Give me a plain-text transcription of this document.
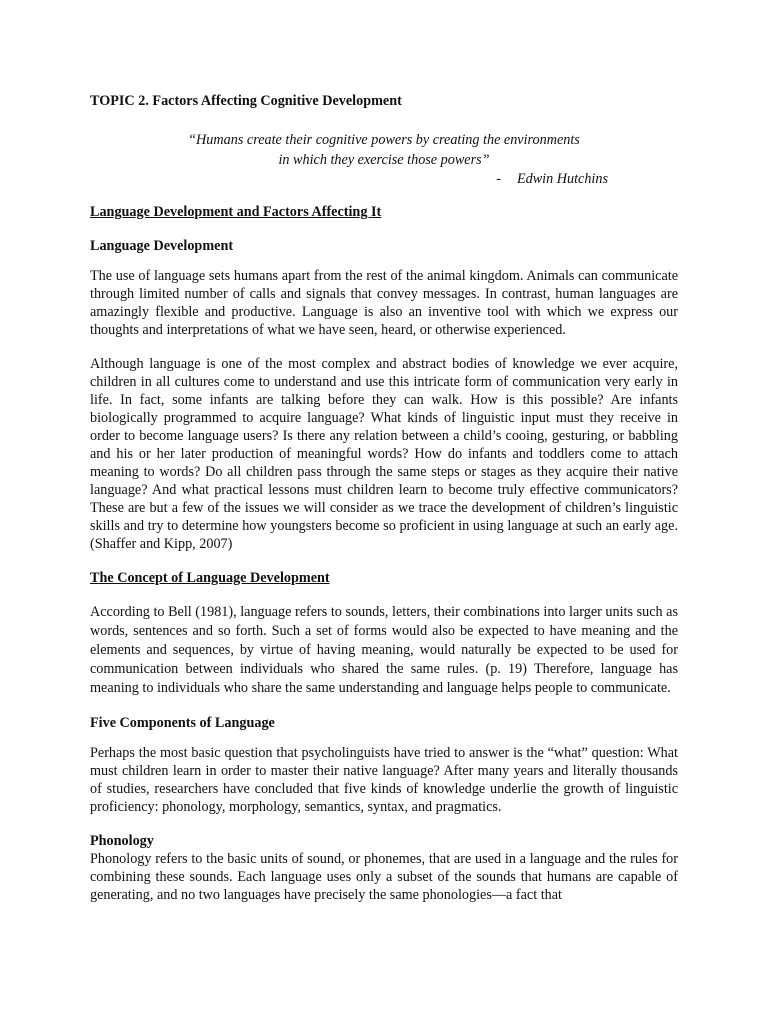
TOPIC 2. Factors Affecting Cognitive Development

“Humans create their cognitive powers by creating the environments

in which they exercise those powers”

- Edwin Hutchins

Language Development and Factors Affecting It
Language Development

The use of language sets humans apart from the rest of the animal kingdom. Animals can communicate through limited number of calls and signals that convey messages. In contrast, human languages are amazingly flexible and productive. Language is also an inventive tool with which we express our thoughts and interpretations of what we have seen, heard, or otherwise experienced.

Although language is one of the most complex and abstract bodies of knowledge we ever acquire, children in all cultures come to understand and use this intricate form of communication very early in life. In fact, some infants are talking before they can walk. How is this possible? Are infants biologically programmed to acquire language? What kinds of linguistic input must they receive in order to become language users? Is there any relation between a child’s cooing, gesturing, or babbling and his or her later production of meaningful words? How do infants and toddlers come to attach meaning to words? Do all children pass through the same steps or stages as they acquire their native language? And what practical lessons must children learn to become truly effective communicators? These are but a few of the issues we will consider as we trace the development of children’s linguistic skills and try to determine how youngsters become so proficient in using language at such an early age. (Shaffer and Kipp, 2007)

The Concept of Language Development

According to Bell (1981), language refers to sounds, letters, their combinations into larger units such as words, sentences and so forth. Such a set of forms would also be expected to have meaning and the elements and sequences, by virtue of having meaning, would naturally be expected to be used for communication between individuals who shared the same rules. (p. 19) Therefore, language has meaning to individuals who share the same understanding and language helps people to communicate.

Five Components of Language

Perhaps the most basic question that psycholinguists have tried to answer is the “what” question: What must children learn in order to master their native language? After many years and literally thousands of studies, researchers have concluded that five kinds of knowledge underlie the growth of linguistic proficiency: phonology, morphology, semantics, syntax, and pragmatics.

Phonology

Phonology refers to the basic units of sound, or phonemes, that are used in a language and the rules for combining these sounds. Each language uses only a subset of the sounds that humans are capable of generating, and no two languages have precisely the same phonologies—a fact that
